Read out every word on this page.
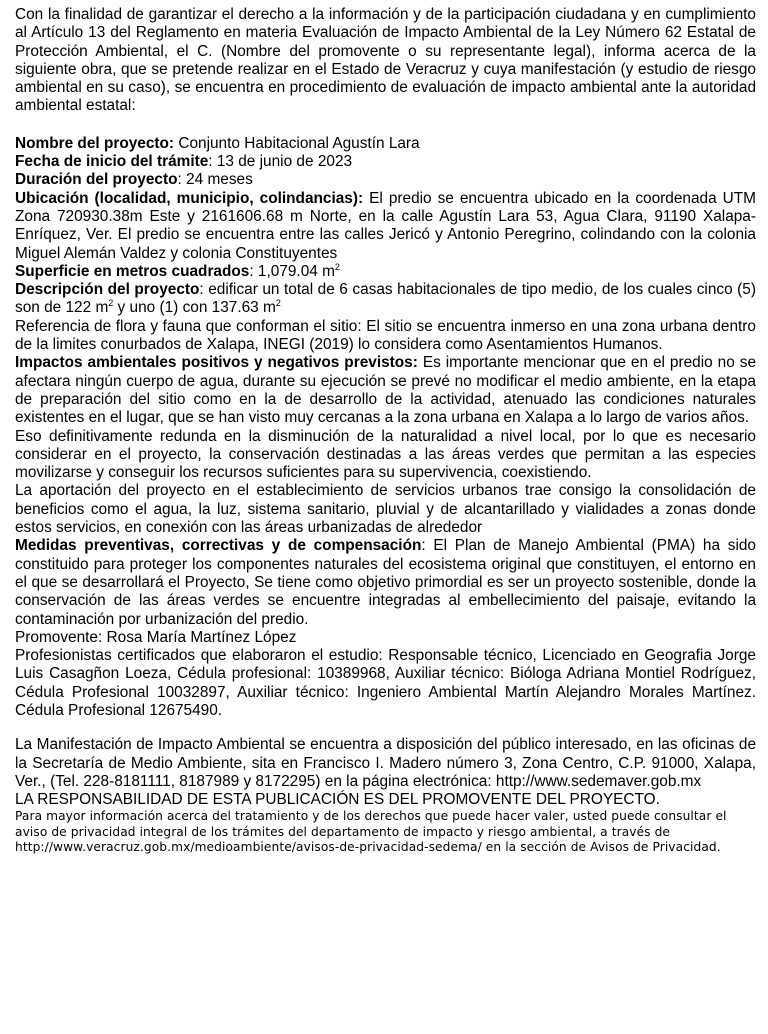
Con la finalidad de garantizar el derecho a la información y de la participación ciudadana y en cumplimiento al Artículo 13 del Reglamento en materia Evaluación de Impacto Ambiental de la Ley Número 62 Estatal de Protección Ambiental, el C. (Nombre del promovente o su representante legal), informa acerca de la siguiente obra, que se pretende realizar en el Estado de Veracruz y cuya manifestación (y estudio de riesgo ambiental en su caso), se encuentra en procedimiento de evaluación de impacto ambiental ante la autoridad ambiental estatal:

Nombre del proyecto: Conjunto Habitacional Agustín Lara

Fecha de inicio del trámite: 13 de junio de 2023

Duración del proyecto: 24 meses

Ubicación (localidad, municipio, colindancias): El predio se encuentra ubicado en la coordenada UTM Zona 720930.38m Este y 2161606.68 m Norte, en la calle Agustín Lara 53, Agua Clara, 91190 Xalapa-Enríquez, Ver. El predio se encuentra entre las calles Jericó y Antonio Peregrino, colindando con la colonia Miguel Alemán Valdez y colonia Constituyentes

Superficie en metros cuadrados: 1,079.04 $m^2$

Descripción del proyecto: edificar un total de 6 casas habitacionales de tipo medio, de los cuales cinco (5) son de 122 $m^2$ y uno (1) con 137.63 $m^2$

Referencia de flora y fauna que conforman el sitio: El sitio se encuentra inmerso en una zona urbana dentro de la limites conurbados de Xalapa, INEGI (2019) lo considera como Asentamientos Humanos.

Impactos ambientales positivos y negativos previstos: Es importante mencionar que en el predio no se afectara ningún cuerpo de agua, durante su ejecución se prevé no modificar el medio ambiente, en la etapa de preparación del sitio como en la de desarrollo de la actividad, atenuado las condiciones naturales existentes en el lugar, que se han visto muy cercanas a la zona urbana en Xalapa a lo largo de varios años.

Eso definitivamente redunda en la disminución de la naturalidad a nivel local, por lo que es necesario considerar en el proyecto, la conservación destinadas a las áreas verdes que permitan a las especies movilizarse y conseguir los recursos suficientes para su supervivencia, coexistiendo.

La aportación del proyecto en el establecimiento de servicios urbanos trae consigo la consolidación de beneficios como el agua, la luz, sistema sanitario, pluvial y de alcantarillado y vialidades a zonas donde estos servicios, en conexión con las áreas urbanizadas de alrededor

Medidas preventivas, correctivas y de compensación: El Plan de Manejo Ambiental (PMA) ha sido constituido para proteger los componentes naturales del ecosistema original que constituyen, el entorno en el que se desarrollará el Proyecto, Se tiene como objetivo primordial es ser un proyecto sostenible, donde la conservación de las áreas verdes se encuentre integradas al embellecimiento del paisaje, evitando la contaminación por urbanización del predio.

Promovente: Rosa María Martínez López

Profesionistas certificados que elaboraron el estudio: Responsable técnico, Licenciado en Geografia Jorge Luis Casagñon Loeza, Cédula profesional: 10389968, Auxiliar técnico: Bióloga Adriana Montiel Rodríguez, Cédula Profesional 10032897, Auxiliar técnico: Ingeniero Ambiental Martín Alejandro Morales Martínez. Cédula Profesional 12675490.

La Manifestación de Impacto Ambiental se encuentra a disposición del público interesado, en las oficinas de la Secretaría de Medio Ambiente, sita en Francisco I. Madero número 3, Zona Centro, C.P. 91000, Xalapa, Ver., (Tel. 228-8181111, 8187989 y 8172295) en la página electrónica: http://www.sedemaver.gob.mx

LA RESPONSABILIDAD DE ESTA PUBLICACIÓN ES DEL PROMOVENTE DEL PROYECTO.

Para mayor información acerca del tratamiento y de los derechos que puede hacer valer, usted puede consultar el aviso de privacidad integral de los trámites del departamento de impacto y riesgo ambiental, a través de http://www.veracruz.gob.mx/medioambiente/avisos-de-privacidad-sedema/ en la sección de Avisos de Privacidad.
